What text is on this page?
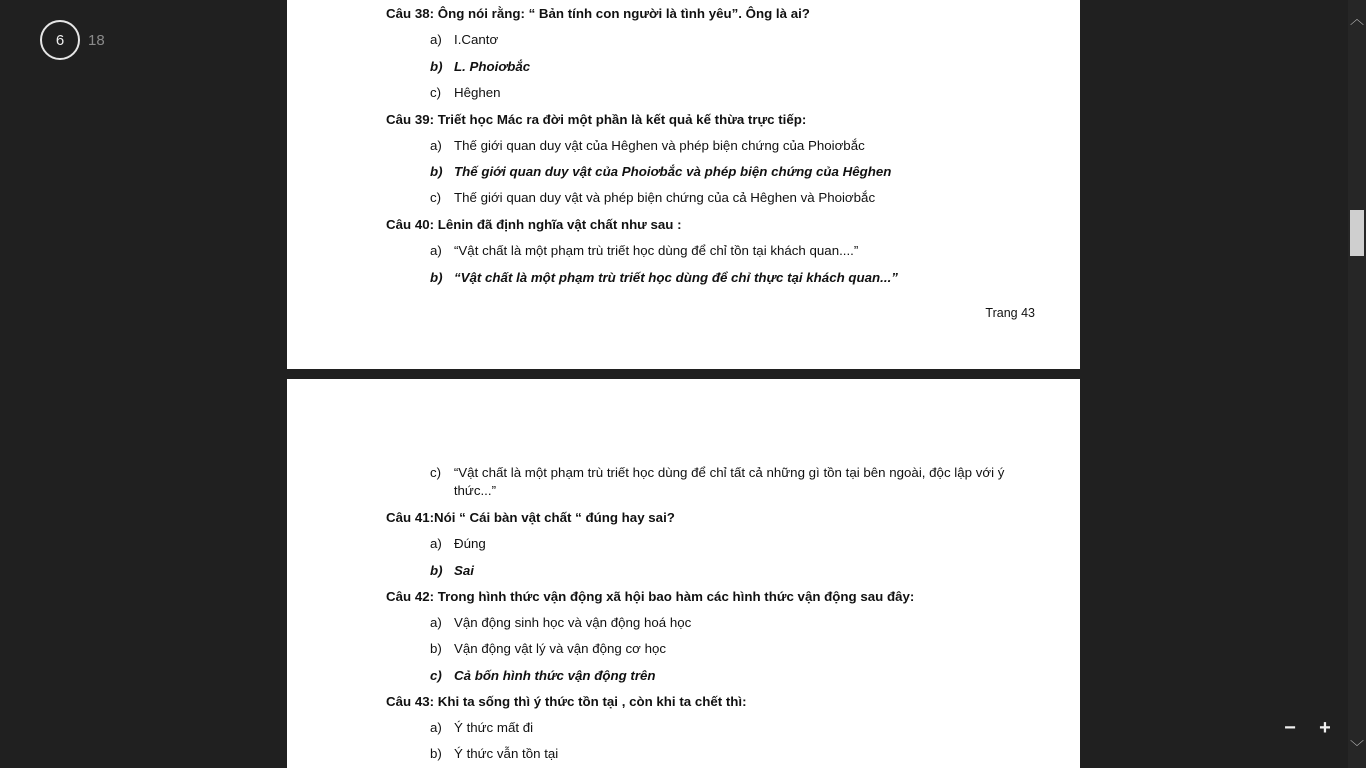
6	18
Câu 38: Ông nói rằng: “ Bản tính con người là tình yêu”. Ông là ai?
a) I.Cantơ
b) L. Phoiơbắc
c) Hêghen
Câu 39: Triết học Mác ra đời một phần là kết quả kế thừa trực tiếp:
a) Thế giới quan duy vật của Hêghen và phép biện chứng của Phoiơbắc
b) Thế giới quan duy vật của Phoiơbắc và phép biện chứng của Hêghen
c) Thế giới quan duy vật và phép biện chứng của cả Hêghen và Phoiơbắc
Câu 40: Lênin đã định nghĩa vật chất như sau :
a) “Vật chất là một phạm trù triết học dùng để chỉ tồn tại khách quan....”
b) “Vật chất là một phạm trù triết học dùng để chỉ thực tại khách quan...”
Trang 43
c) “Vật chất là một phạm trù triết học dùng để chỉ tất cả những gì tồn tại bên ngoài, độc lập với ý thức...”
Câu 41:Nói “ Cái bàn vật chất “ đúng hay sai?
a) Đúng
b) Sai
Câu 42: Trong hình thức vận động xã hội bao hàm các hình thức vận động sau đây:
a) Vận động sinh học và vận động hoá học
b) Vận động vật lý và vận động cơ học
c) Cả bốn hình thức vận động trên
Câu 43: Khi ta sống thì ý thức tồn tại , còn khi ta chết thì:
a) Ý thức mất đi
b) Ý thức vẫn tồn tại
︿
﹀
− +
